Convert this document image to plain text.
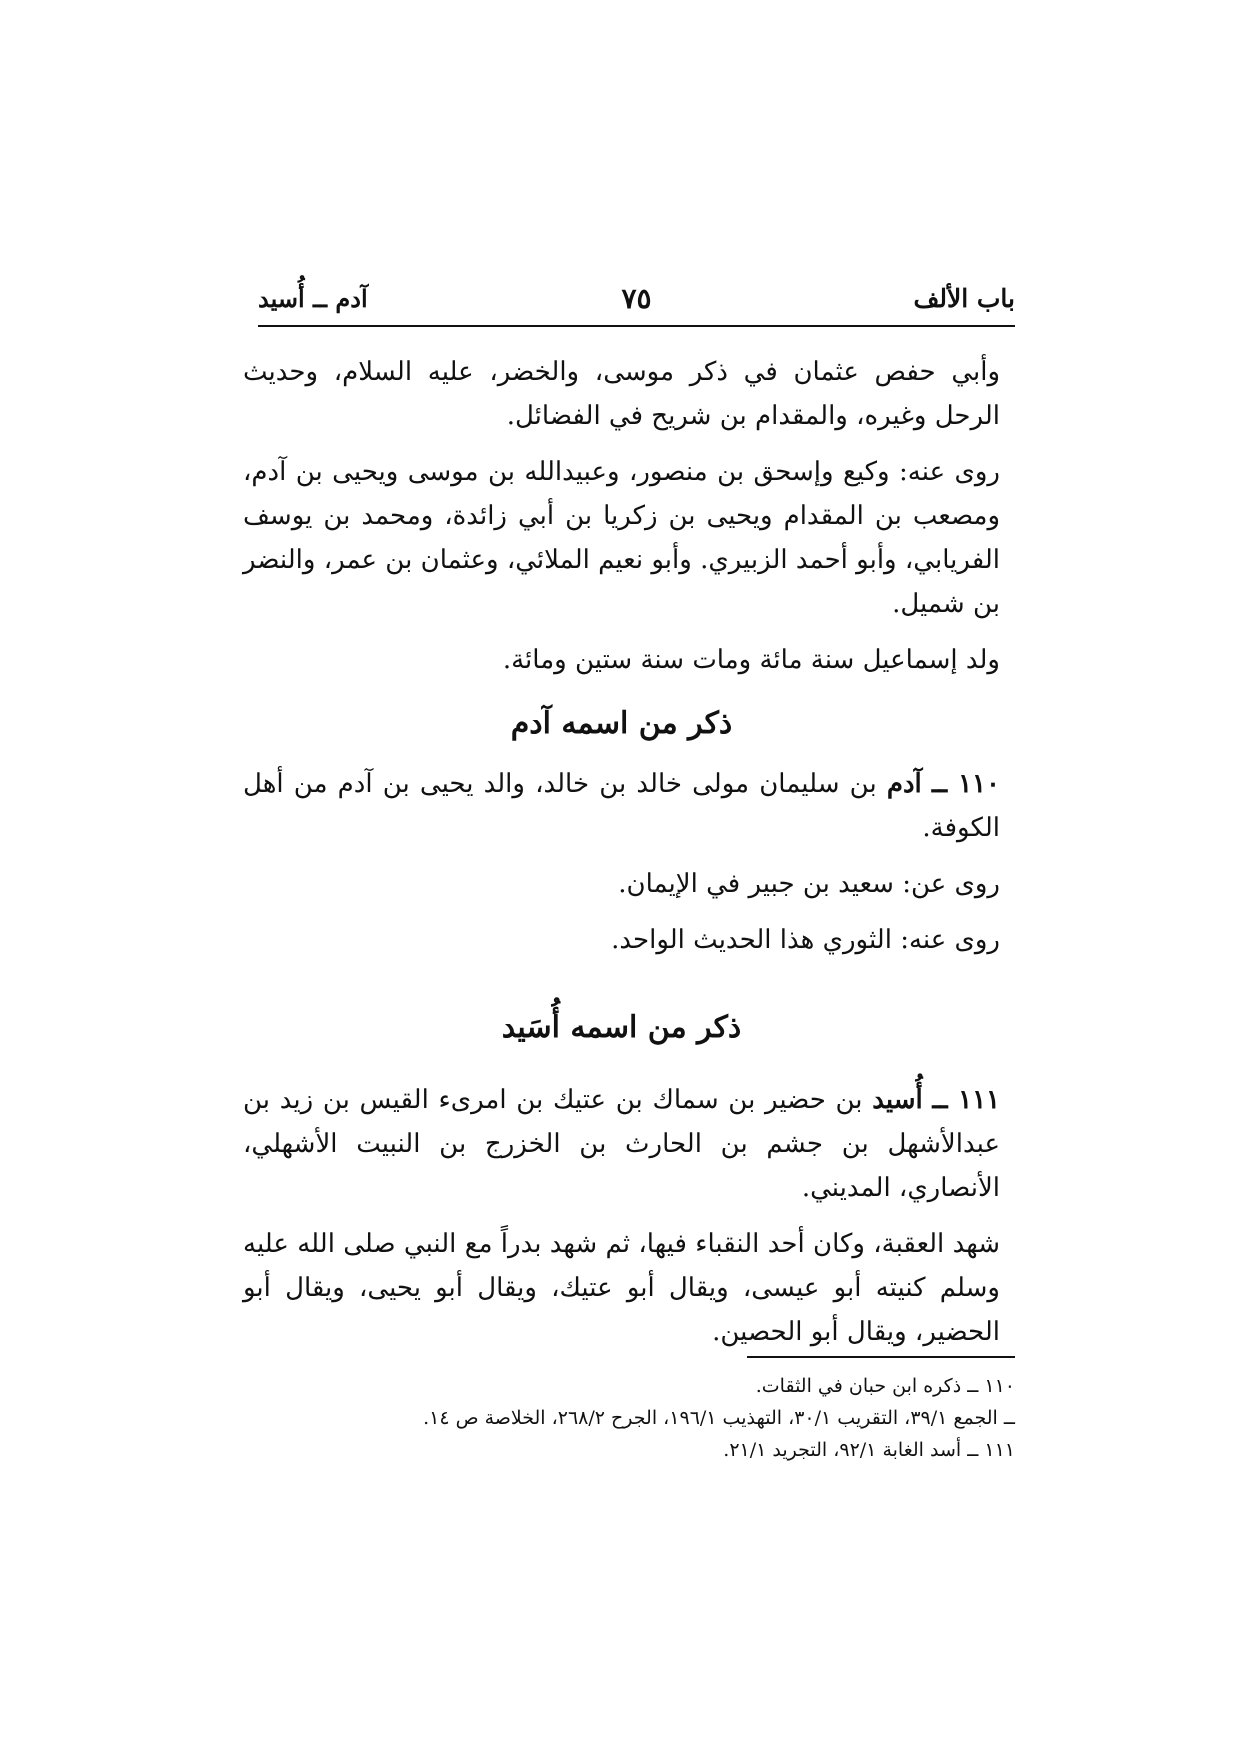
باب الألف
٧٥
آدم ــ أُسيد

وأبي حفص عثمان في ذكر موسى، والخضر، عليه السلام، وحديث الرحل وغيره، والمقدام بن شريح في الفضائل.

روى عنه: وكيع وإسحق بن منصور، وعبيدالله بن موسى ويحيى بن آدم، ومصعب بن المقدام ويحيى بن زكريا بن أبي زائدة، ومحمد بن يوسف الفريابي، وأبو أحمد الزبيري. وأبو نعيم الملائي، وعثمان بن عمر، والنضر بن شميل.

ولد إسماعيل سنة مائة ومات سنة ستين ومائة.

ذكر من اسمه آدم

١١٠ ــ آدم بن سليمان مولى خالد بن خالد، والد يحيى بن آدم من أهل الكوفة.

روى عن: سعيد بن جبير في الإيمان.

روى عنه: الثوري هذا الحديث الواحد.

ذكر من اسمه أُسَيد

١١١ ــ أُسيد بن حضير بن سماك بن عتيك بن امرىء القيس بن زيد بن عبدالأشهل بن جشم بن الحارث بن الخزرج بن النبيت الأشهلي، الأنصاري، المديني.

شهد العقبة، وكان أحد النقباء فيها، ثم شهد بدراً مع النبي صلى الله عليه وسلم كنيته أبو عيسى، ويقال أبو عتيك، ويقال أبو يحيى، ويقال أبو الحضير، ويقال أبو الحصين.

١١٠ ــ ذكره ابن حبان في الثقات.

ــ الجمع ٣٩/١، التقريب ٣٠/١، التهذيب ١٩٦/١، الجرح ٢٦٨/٢، الخلاصة ص ١٤.

١١١ ــ أسد الغابة ٩٢/١، التجريد ٢١/١.
